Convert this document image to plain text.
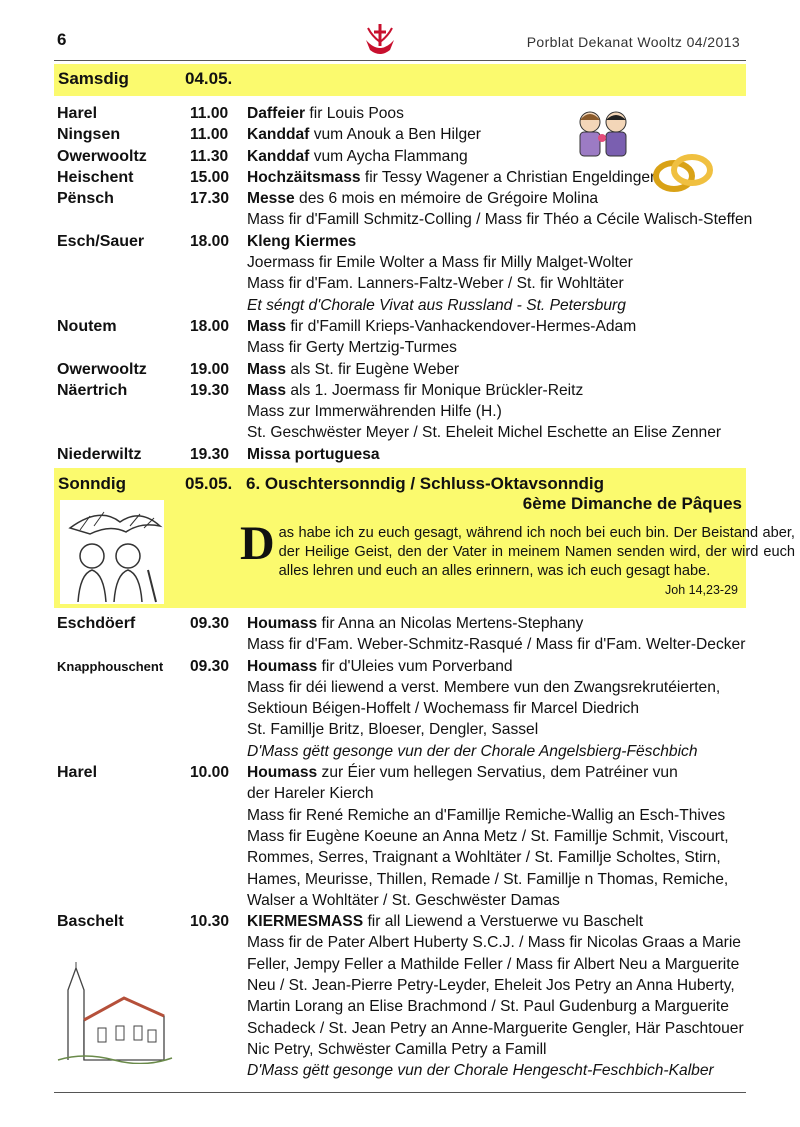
6	Porblat Dekanat Wooltz 04/2013
Samsdig	04.05.
Harel	11.00 Daffeier fir Louis Poos
Ningsen	11.00 Kanddaf vum Anouk a Ben Hilger
Owerwooltz	11.30 Kanddaf vum Aycha Flammang
Heischent	15.00 Hochzäitsmass fir Tessy Wagener a Christian Engeldinger
Pënsch	17.30 Messe des 6 mois en mémoire de Grégoire Molina
Mass fir d'Famill Schmitz-Colling / Mass fir Théo a Cécile Walisch-Steffen
Esch/Sauer	18.00 Kleng Kiermes
Joermass fir Emile Wolter a Mass fir Milly Malget-Wolter
Mass fir d'Fam. Lanners-Faltz-Weber / St. fir Wohltäter
Et séngt d'Chorale Vivat aus Russland - St. Petersburg
Noutem	18.00 Mass fir d'Famill Krieps-Vanhackendover-Hermes-Adam
Mass fir Gerty Mertzig-Turmes
Owerwooltz	19.00 Mass als St. fir Eugène Weber
Näertrich	19.30 Mass als 1. Joermass fir Monique Brückler-Reitz
Mass zur Immerwährenden Hilfe (H.)
St. Geschwëster Meyer / St. Eheleit Michel Eschette an Elise Zenner
Niederwiltz	19.30 Missa portuguesa
Sonndig	05.05. 6. Ouschtersonndig / Schluss-Oktavsonndig
6ème Dimanche de Pâques
Das habe ich zu euch gesagt, während ich noch bei euch bin. Der Beistand aber, der Heilige Geist, den der Vater in meinem Namen senden wird, der wird euch alles lehren und euch an alles erinnern, was ich euch gesagt habe.
Joh 14,23-29
Eschdöerf	09.30 Houmass fir Anna an Nicolas Mertens-Stephany
Mass fir d'Fam. Weber-Schmitz-Rasqué / Mass fir d'Fam. Welter-Decker
Knapphouschent 09.30 Houmass fir d'Uleies vum Porverband
Mass fir déi liewend a verst. Membere vun den Zwangsrekrutéierten,
Sektioun Béigen-Hoffelt / Wochemass fir Marcel Diedrich
St. Famillje Britz, Bloeser, Dengler, Sassel
D'Mass gëtt gesonge vun der der Chorale Angelsbierg-Fëschbich
Harel	10.00 Houmass zur Éier vum hellegen Servatius, dem Patréiner vun
der Hareler Kierch
Mass fir René Remiche an d'Famillje Remiche-Wallig an Esch-Thives
Mass fir Eugène Koeune an Anna Metz / St. Famillje Schmit, Viscourt,
Rommes, Serres, Traignant a Wohltäter / St. Famillje Scholtes, Stirn,
Hames, Meurisse, Thillen, Remade / St. Famillje n Thomas, Remiche,
Walser a Wohltäter / St. Geschwëster Damas
Baschelt	10.30 KIERMESMASS fir all Liewend a Verstuerwe vu Baschelt
Mass fir de Pater Albert Huberty S.C.J. / Mass fir Nicolas Graas a Marie
Feller, Jempy Feller a Mathilde Feller / Mass fir Albert Neu a Marguerite
Neu / St. Jean-Pierre Petry-Leyder, Eheleit Jos Petry an Anna Huberty,
Martin Lorang an Elise Brachmond / St. Paul Gudenburg a Marguerite
Schadeck / St. Jean Petry an Anne-Marguerite Gengler, Här Paschtouer
Nic Petry, Schwëster Camilla Petry a Famill
D'Mass gëtt gesonge vun der Chorale Hengescht-Feschbich-Kalber
